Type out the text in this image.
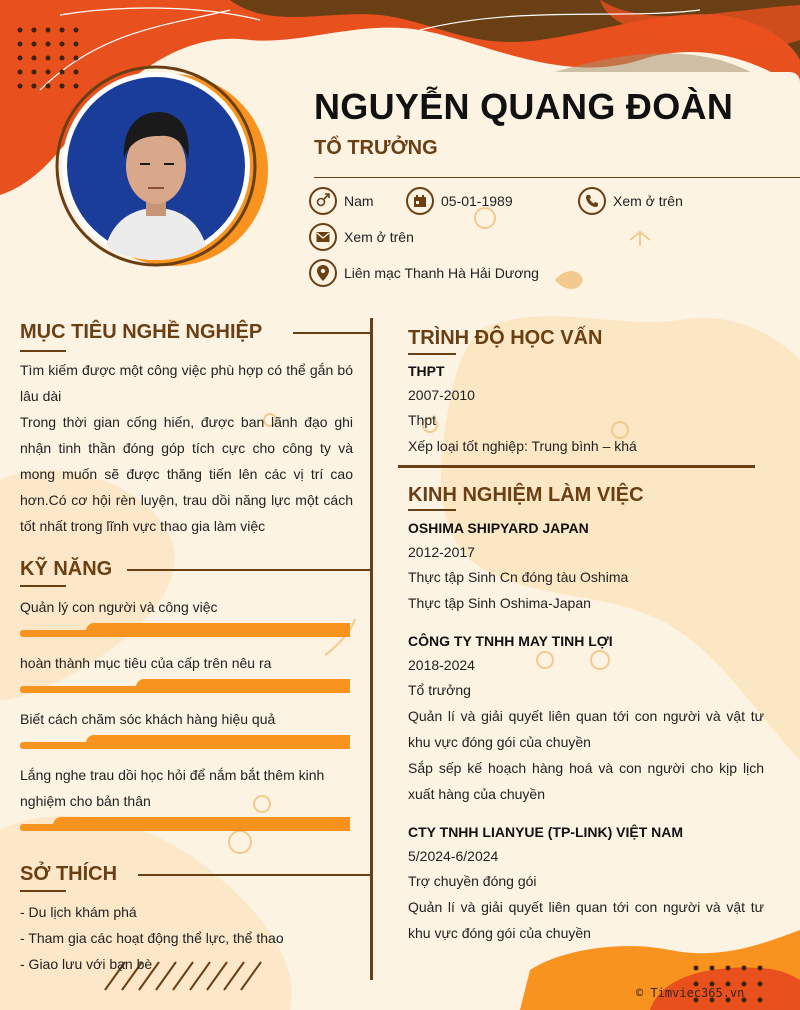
NGUYỄN QUANG ĐOÀN
TỔ TRƯỞNG
Nam	05-01-1989	Xem ở trên
Xem ở trên
Liên mạc Thanh Hà Hải Dương
MỤC TIÊU NGHỀ NGHIỆP
Tìm kiếm được một công việc phù hợp có thể gắn bó lâu dài
Trong thời gian cống hiến, được ban lãnh đạo ghi nhận tinh thần đóng góp tích cực cho công ty và mong muốn sẽ được thăng tiến lên các vị trí cao hơn.Có cơ hội rèn luyện, trau dồi năng lực một cách tốt nhất trong lĩnh vực thao gia làm việc
KỸ NĂNG
Quản lý con người và công việc
hoàn thành mục tiêu của cấp trên nêu ra
Biết cách chăm sóc khách hàng hiệu quả
Lắng nghe trau dồi học hỏi để nắm bắt thêm kinh nghiệm cho bản thân
SỞ THÍCH
- Du lịch khám phá
- Tham gia các hoạt động thể lực, thể thao
- Giao lưu với bạn bè
TRÌNH ĐỘ HỌC VẤN
THPT
2007-2010
Thpt
Xếp loại tốt nghiệp: Trung bình – khá
KINH NGHIỆM LÀM VIỆC
OSHIMA SHIPYARD JAPAN
2012-2017
Thực tập Sinh Cn đóng tàu Oshima
Thực tập Sinh Oshima-Japan
CÔNG TY TNHH MAY TINH LỢI
2018-2024
Tổ trưởng
Quản lí và giải quyết liên quan tới con người và vật tư khu vực đóng gói của chuyền
Sắp sếp kế hoạch hàng hoá và con người cho kịp lịch xuất hàng của chuyền
CTY TNHH LIANYUE (TP-LINK) VIỆT NAM
5/2024-6/2024
Trợ chuyền đóng gói
Quản lí và giải quyết liên quan tới con người và vật tư khu vực đóng gói của chuyền
© Timviec365.vn
